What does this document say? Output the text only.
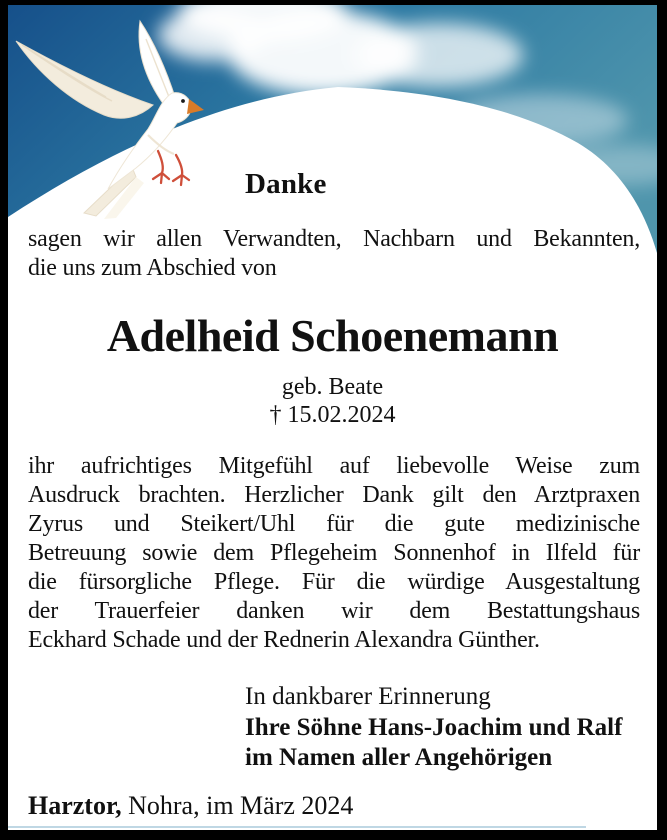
Danke
sagen wir allen Verwandten, Nachbarn und Bekannten,
die uns zum Abschied von
Adelheid Schoenemann
geb. Beate
† 15.02.2024
ihr aufrichtiges Mitgefühl auf liebevolle Weise zum
Ausdruck brachten. Herzlicher Dank gilt den Arztpraxen
Zyrus und Steikert/Uhl für die gute medizinische
Betreuung sowie dem Pflegeheim Sonnenhof in Ilfeld für
die fürsorgliche Pflege. Für die würdige Ausgestaltung
der Trauerfeier danken wir dem Bestattungshaus
Eckhard Schade und der Rednerin Alexandra Günther.
In dankbarer Erinnerung
Ihre Söhne Hans-Joachim und Ralf
im Namen aller Angehörigen
Harztor, Nohra, im März 2024
